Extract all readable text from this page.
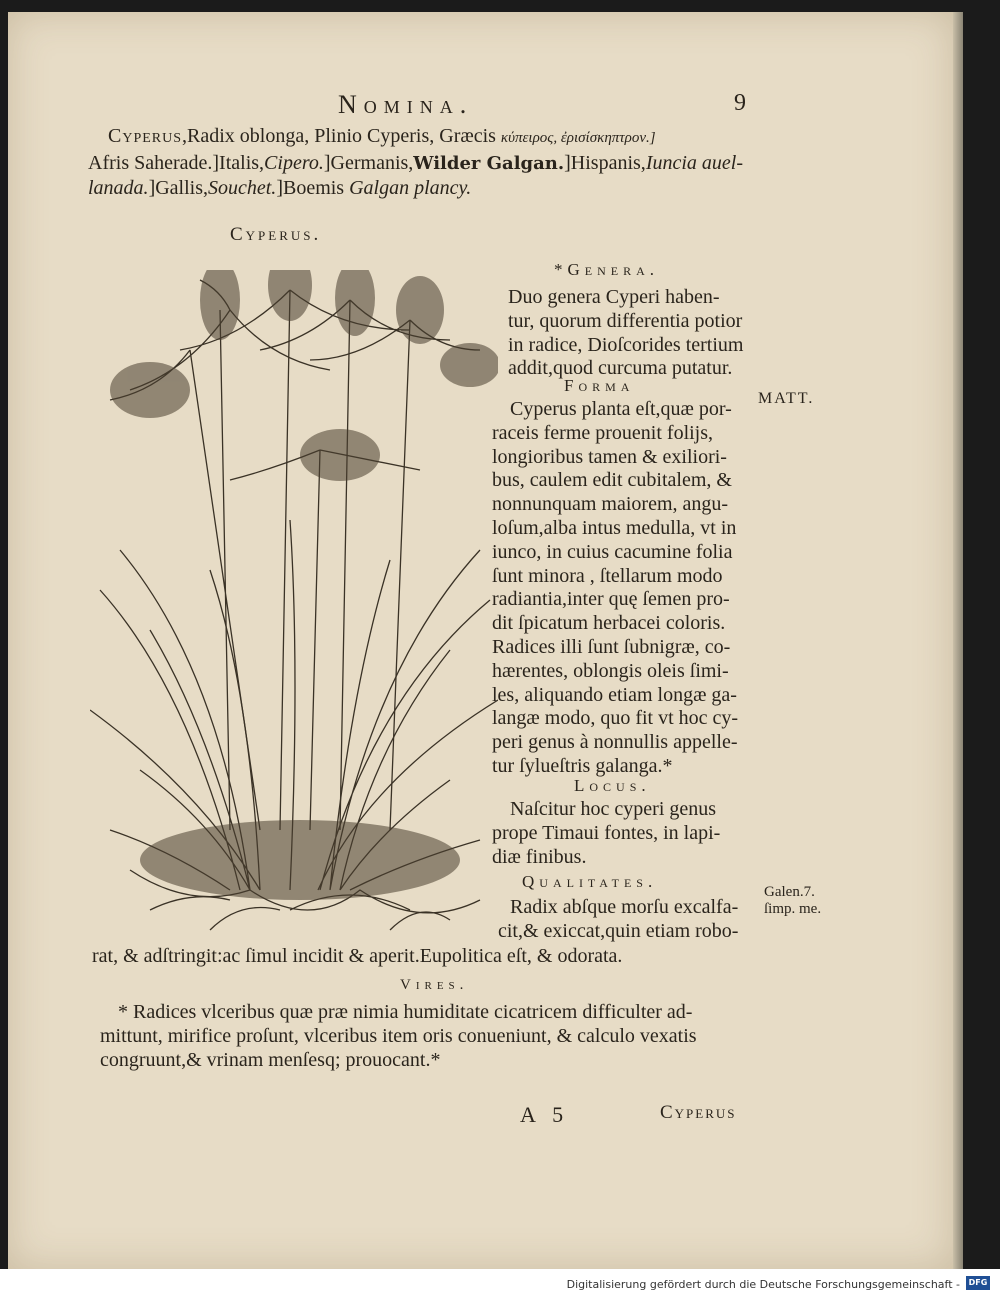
Nomina.	9
Cyperus,Radix oblonga, Plinio Cyperis, Græcis κύπειρος, ἐρισίσκηπτρον.]
Afris Saherade.]Italis,Cipero.]Germanis,Wilder Galgan.]Hispanis,Iuncia auel-
lanada.]Gallis,Souchet.]Boemis Galgan plancy.
Cyperus.
*Genera.
Duo genera Cyperi haben-
tur, quorum differentia potior
in radice, Dioſcorides tertium
addit,quod curcuma putatur.
Forma
MATT.
Cyperus planta eſt,quæ por-
raceis ferme prouenit folijs,
longioribus tamen & exiliori-
bus, caulem edit cubitalem, &
nonnunquam maiorem, angu-
loſum,alba intus medulla, vt in
iunco, in cuius cacumine folia
ſunt minora , ſtellarum modo
radiantia,inter quę ſemen pro-
dit ſpicatum herbacei coloris.
Radices illi ſunt ſubnigræ, co-
hærentes, oblongis oleis ſimi-
les, aliquando etiam longæ ga-
langæ modo, quo fit vt hoc cy-
peri genus à nonnullis appelle-
tur ſylueſtris galanga.*
Locus.
Naſcitur hoc cyperi genus
prope Timaui fontes, in lapi-
diæ finibus.
Qualitates.
Galen.7.
ſimp. me.
Radix abſque morſu excalfa-
cit,& exiccat,quin etiam robo-
rat, & adſtringit:ac ſimul incidit & aperit.Eupolitica eſt, & odorata.
Vires.
* Radices vlceribus quæ præ nimia humiditate cicatricem difficulter ad-
mittunt, mirifice proſunt, vlceribus item oris conueniunt, & calculo vexatis
congruunt,& vrinam menſesq; prouocant.*
A 5	Cyperus
Digitalisierung gefördert durch die Deutsche Forschungsgemeinschaft -	DFG
